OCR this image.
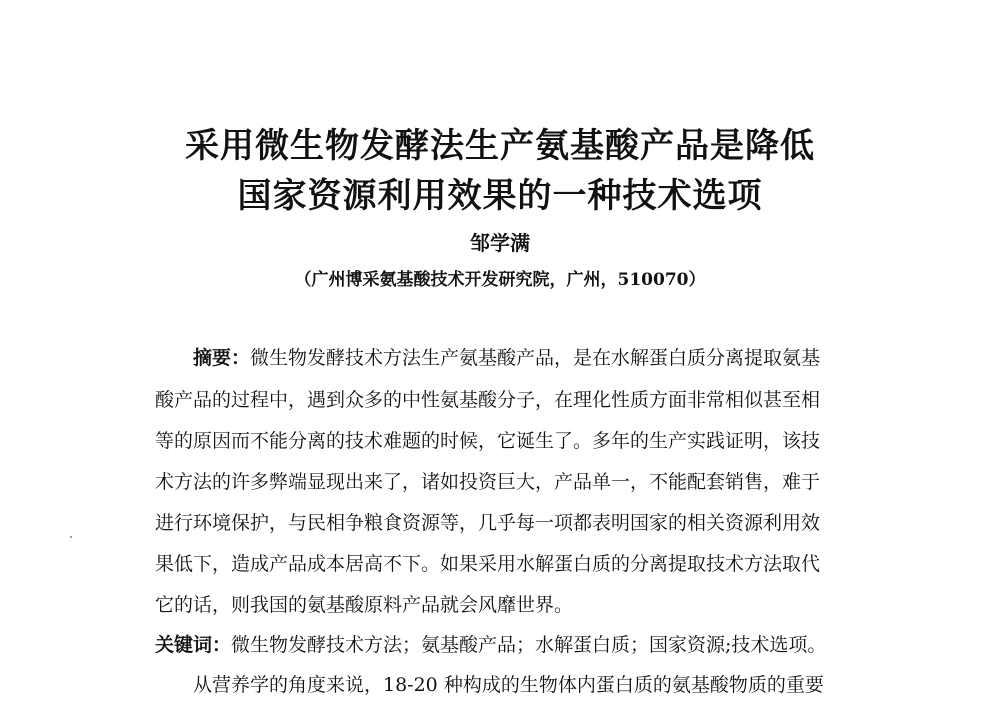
采用微生物发酵法生产氨基酸产品是降低
国家资源利用效果的一种技术选项
邹学满
（广州博采氨基酸技术开发研究院，广州，510070）
摘要：微生物发酵技术方法生产氨基酸产品，是在水解蛋白质分离提取氨基
酸产品的过程中，遇到众多的中性氨基酸分子，在理化性质方面非常相似甚至相
等的原因而不能分离的技术难题的时候，它诞生了。多年的生产实践证明，该技
术方法的许多弊端显现出来了，诸如投资巨大，产品单一，不能配套销售，难于
进行环境保护，与民相争粮食资源等，几乎每一项都表明国家的相关资源利用效
果低下，造成产品成本居高不下。如果采用水解蛋白质的分离提取技术方法取代
它的话，则我国的氨基酸原料产品就会风靡世界。
关键词：微生物发酵技术方法；氨基酸产品；水解蛋白质；国家资源;技术选项。
从营养学的角度来说，18-20 种构成的生物体内蛋白质的氨基酸物质的重要
